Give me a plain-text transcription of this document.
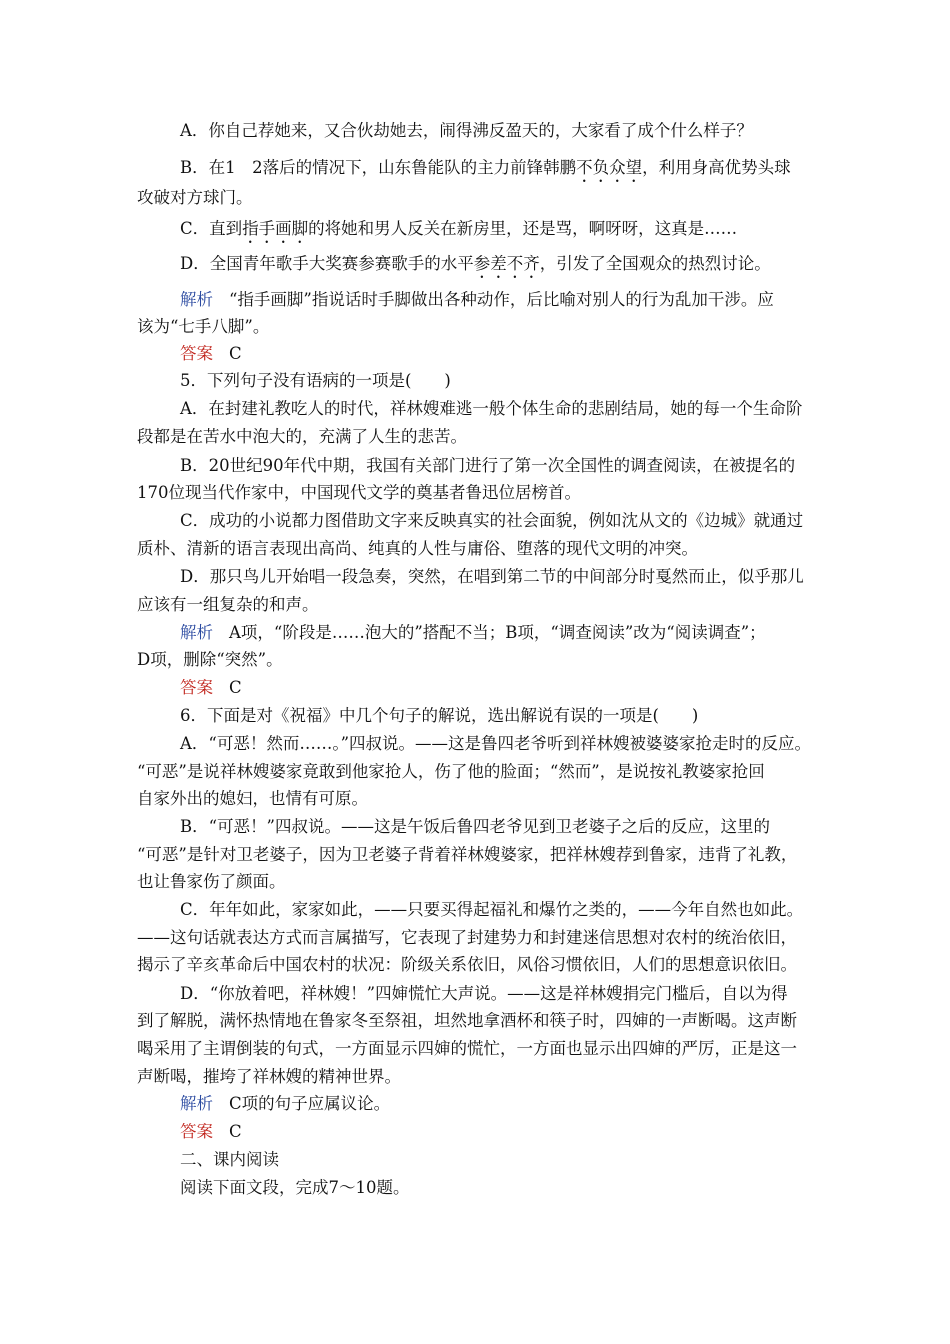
A．你自己荐她来，又合伙劫她去，闹得沸反盈天的，大家看了成个什么样子？
B．在1　2落后的情况下，山东鲁能队的主力前锋韩鹏不负众望，利用身高优势头球
攻破对方球门。
C．直到指手画脚的将她和男人反关在新房里，还是骂，啊呀呀，这真是……
D．全国青年歌手大奖赛参赛歌手的水平参差不齐，引发了全国观众的热烈讨论。
解析 “指手画脚”指说话时手脚做出各种动作，后比喻对别人的行为乱加干涉。应
该为“七手八脚”。
答案 C
5．下列句子没有语病的一项是(　　)
A．在封建礼教吃人的时代，祥林嫂难逃一般个体生命的悲剧结局，她的每一个生命阶
段都是在苦水中泡大的，充满了人生的悲苦。
B．20世纪90年代中期，我国有关部门进行了第一次全国性的调查阅读，在被提名的
170位现当代作家中，中国现代文学的奠基者鲁迅位居榜首。
C．成功的小说都力图借助文字来反映真实的社会面貌，例如沈从文的《边城》就通过
质朴、清新的语言表现出高尚、纯真的人性与庸俗、堕落的现代文明的冲突。
D．那只鸟儿开始唱一段急奏，突然，在唱到第二节的中间部分时戛然而止，似乎那儿
应该有一组复杂的和声。
解析 A项，“阶段是……泡大的”搭配不当；B项，“调查阅读”改为“阅读调查”；
D项，删除“突然”。
答案 C
6．下面是对《祝福》中几个句子的解说，选出解说有误的一项是(　　)
A．“可恶！然而……。”四叔说。——这是鲁四老爷听到祥林嫂被婆婆家抢走时的反应。
“可恶”是说祥林嫂婆家竟敢到他家抢人，伤了他的脸面；“然而”，是说按礼教婆家抢回
自家外出的媳妇，也情有可原。
B．“可恶！”四叔说。——这是午饭后鲁四老爷见到卫老婆子之后的反应，这里的
“可恶”是针对卫老婆子，因为卫老婆子背着祥林嫂婆家，把祥林嫂荐到鲁家，违背了礼教，
也让鲁家伤了颜面。
C．年年如此，家家如此，——只要买得起福礼和爆竹之类的，——今年自然也如此。
——这句话就表达方式而言属描写，它表现了封建势力和封建迷信思想对农村的统治依旧，
揭示了辛亥革命后中国农村的状况：阶级关系依旧，风俗习惯依旧，人们的思想意识依旧。
D．“你放着吧，祥林嫂！”四婶慌忙大声说。——这是祥林嫂捐完门槛后，自以为得
到了解脱，满怀热情地在鲁家冬至祭祖，坦然地拿酒杯和筷子时，四婶的一声断喝。这声断
喝采用了主谓倒装的句式，一方面显示四婶的慌忙，一方面也显示出四婶的严厉，正是这一
声断喝，摧垮了祥林嫂的精神世界。
解析 C项的句子应属议论。
答案 C
二、课内阅读
阅读下面文段，完成7～10题。
